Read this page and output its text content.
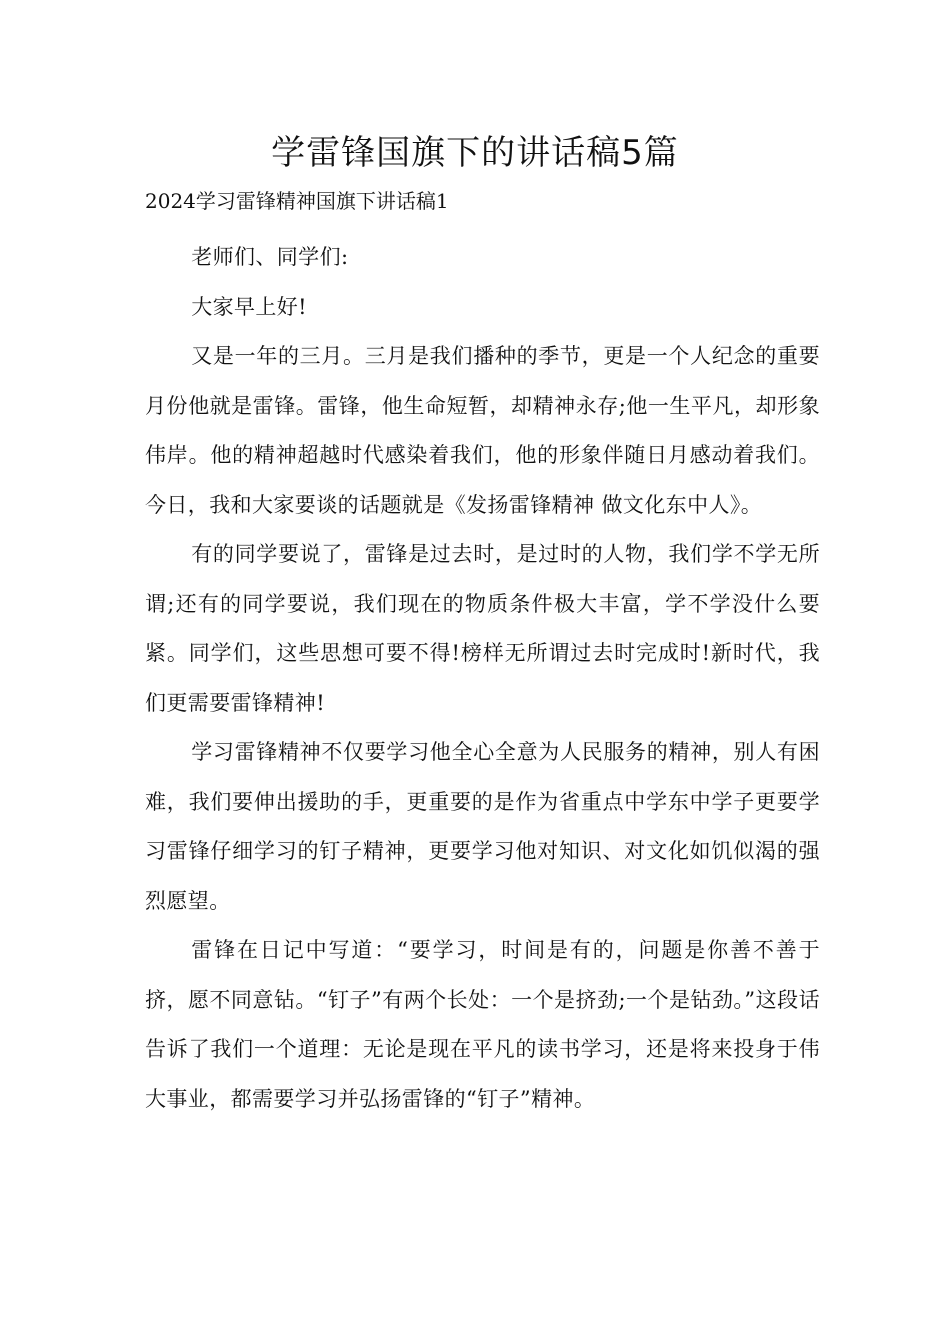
学雷锋国旗下的讲话稿5篇
2024学习雷锋精神国旗下讲话稿1

老师们、同学们:

大家早上好!

又是一年的三月。三月是我们播种的季节，更是一个人纪念的重要月份他就是雷锋。雷锋，他生命短暂，却精神永存;他一生平凡，却形象伟岸。他的精神超越时代感染着我们，他的形象伴随日月感动着我们。今日，我和大家要谈的话题就是《发扬雷锋精神 做文化东中人》。

有的同学要说了，雷锋是过去时，是过时的人物，我们学不学无所谓;还有的同学要说，我们现在的物质条件极大丰富，学不学没什么要紧。同学们，这些思想可要不得!榜样无所谓过去时完成时!新时代，我们更需要雷锋精神!

学习雷锋精神不仅要学习他全心全意为人民服务的精神，别人有困难，我们要伸出援助的手，更重要的是作为省重点中学东中学子更要学习雷锋仔细学习的钉子精神，更要学习他对知识、对文化如饥似渴的强烈愿望。

雷锋在日记中写道：“要学习，时间是有的，问题是你善不善于挤，愿不同意钻。“钉子”有两个长处：一个是挤劲;一个是钻劲。”这段话告诉了我们一个道理：无论是现在平凡的读书学习，还是将来投身于伟大事业，都需要学习并弘扬雷锋的“钉子”精神。
